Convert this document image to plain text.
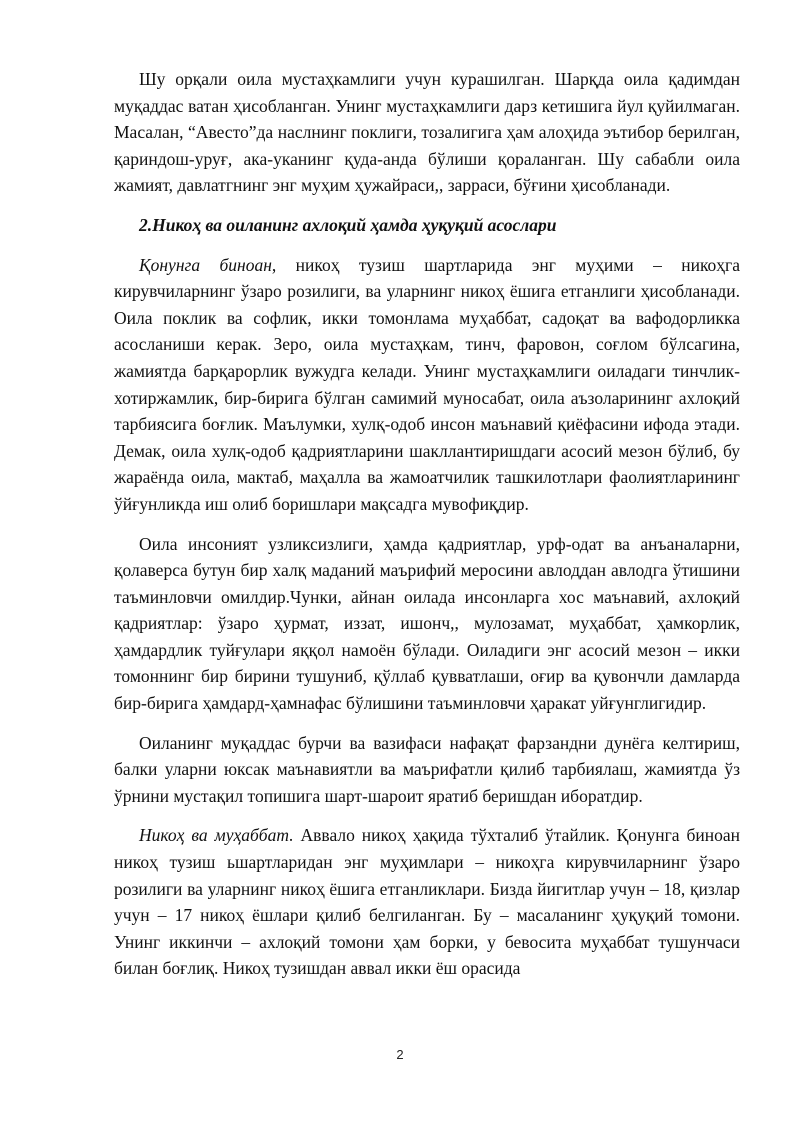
Шу орқали оила мустаҳкамлиги учун курашилган. Шарқда оила қадимдан муқаддас ватан ҳисобланган. Унинг мустаҳкамлиги дарз кетишига йул қуйилмаган. Масалан, “Авесто”да наслнинг поклиги, тозалигига ҳам алоҳида эътибор берилган, қариндош-уруғ, ака-уканинг қуда-анда бўлиши қораланган. Шу сабабли оила жамият, давлатгнинг энг муҳим ҳужайраси,, зарраси, бўғини ҳисобланади.

2.Никоҳ ва оиланинг ахлоқий ҳамда ҳуқуқий асослари

Қонунга биноан, никоҳ тузиш шартларида энг муҳими – никоҳга кирувчиларнинг ўзаро розилиги, ва уларнинг никоҳ ёшига етганлиги ҳисобланади. Оила поклик ва софлик, икки томонлама муҳаббат, садоқат ва вафодорликка асосланиши керак. Зеро, оила мустаҳкам, тинч, фаровон, соғлом бўлсагина, жамиятда барқарорлик вужудга келади. Унинг мустаҳкамлиги оиладаги тинчлик-хотиржамлик, бир-бирига бўлган самимий муносабат, оила аъзоларининг ахлоқий тарбиясига боғлик. Маълумки, хулқ-одоб инсон маънавий қиёфасини ифода этади. Демак, оила хулқ-одоб қадриятларини шакллантиришдаги асосий мезон бўлиб, бу жараёнда оила, мактаб, маҳалла ва жамоатчилик ташкилотлари фаолиятларининг ўйғунликда иш олиб боришлари мақсадга мувофиқдир.

Оила инсоният узликсизлиги, ҳамда қадриятлар, урф-одат ва анъаналарни, қолаверса бутун бир халқ маданий маърифий меросини авлоддан авлодга ўтишини таъминловчи омилдир.Чунки, айнан оилада инсонларга хос маънавий, ахлоқий қадриятлар: ўзаро ҳурмат, иззат, ишонч,, мулозамат, муҳаббат, ҳамкорлик, ҳамдардлик туйғулари яққол намоён бўлади. Оиладиги энг асосий мезон – икки томоннинг бир бирини тушуниб, қўллаб қувватлаши, оғир ва қувончли дамларда бир-бирига ҳамдард-ҳамнафас бўлишини таъминловчи ҳаракат уйғунглигидир.

Оиланинг муқаддас бурчи ва вазифаси нафақат фарзандни дунёга келтириш, балки уларни юксак маънавиятли ва маърифатли қилиб тарбиялаш, жамиятда ўз ўрнини мустақил топишига шарт-шароит яратиб беришдан иборатдир.

Никоҳ ва муҳаббат. Аввало никоҳ ҳақида тўхталиб ўтайлик. Қонунга биноан никоҳ тузиш ьшартларидан энг муҳимлари – никоҳга кирувчиларнинг ўзаро розилиги ва уларнинг никоҳ ёшига етганликлари. Бизда йигитлар учун – 18, қизлар учун – 17 никоҳ ёшлари қилиб белгиланган. Бу – масаланинг ҳуқуқий томони. Унинг иккинчи – ахлоқий томони ҳам борки, у бевосита муҳаббат тушунчаси билан боғлиқ. Никоҳ тузишдан аввал икки ёш орасида

2
